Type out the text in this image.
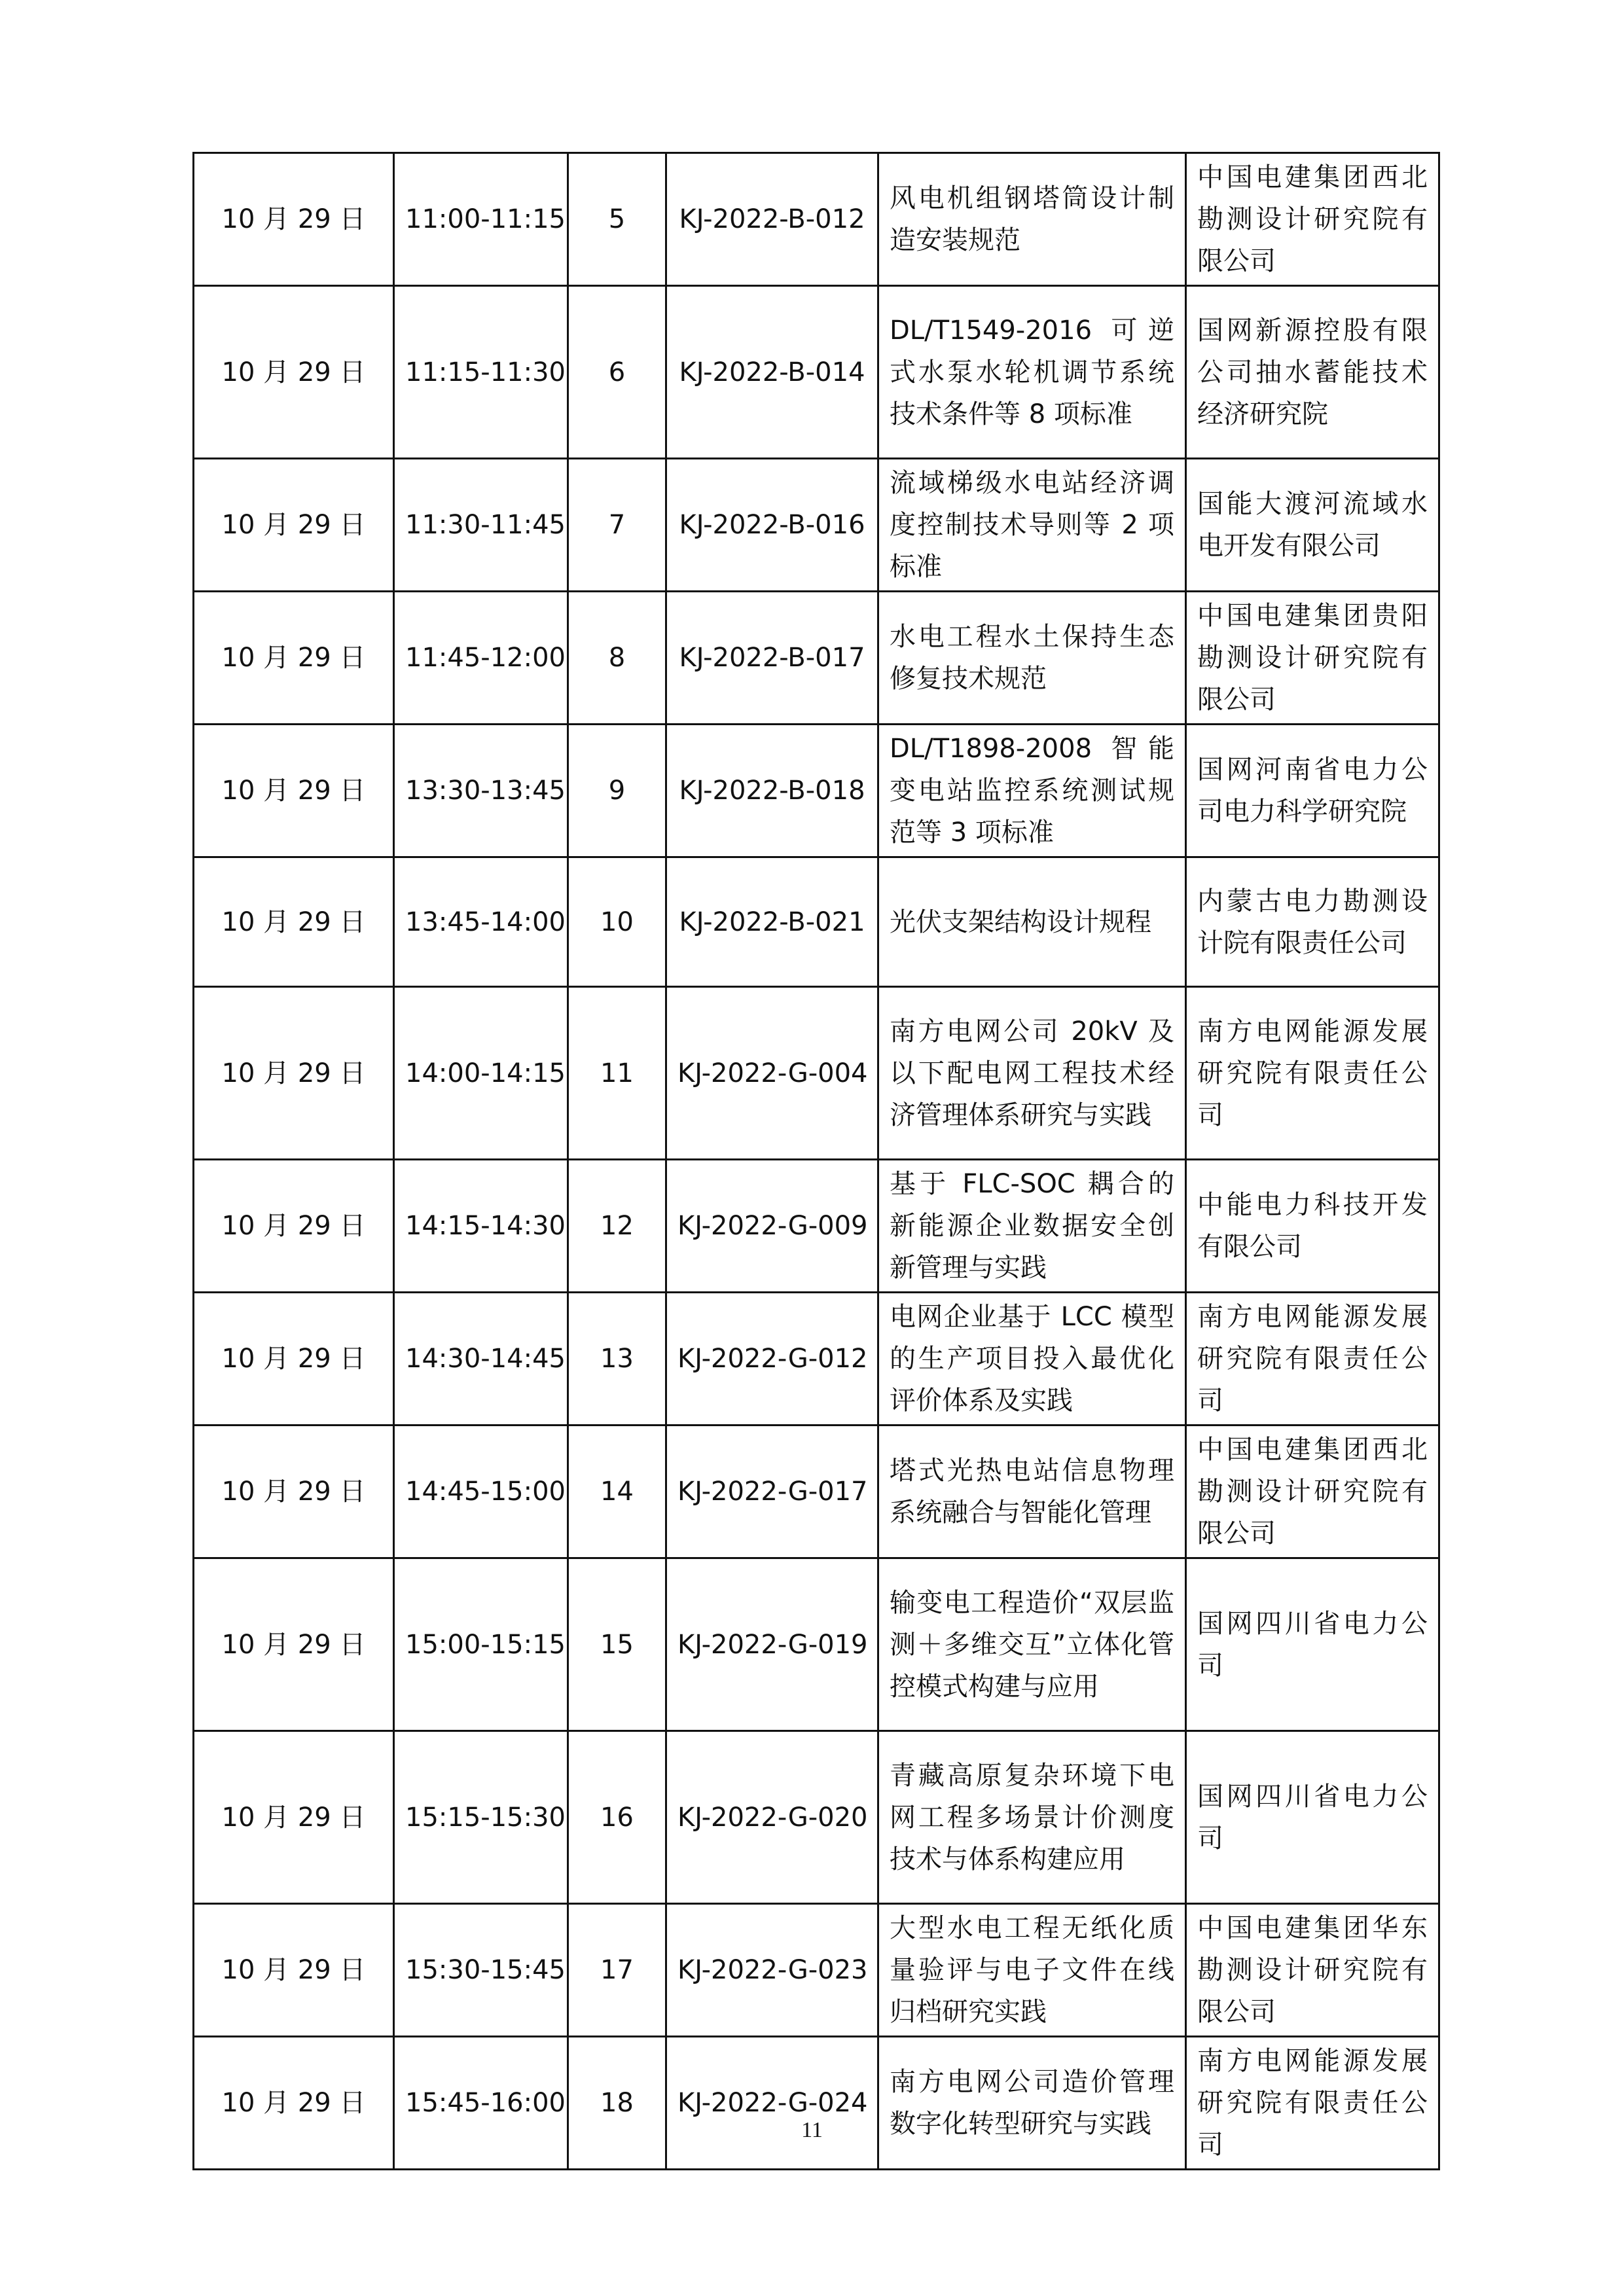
10 月 29 日	11:00-11:15	5	KJ-2022-B-012	风电机组钢塔筒设计制造安装规范	中国电建集团西北勘测设计研究院有限公司
10 月 29 日	11:15-11:30	6	KJ-2022-B-014	DL/T1549-2016 可逆式水泵水轮机调节系统技术条件等 8 项标准	国网新源控股有限公司抽水蓄能技术经济研究院
10 月 29 日	11:30-11:45	7	KJ-2022-B-016	流域梯级水电站经济调度控制技术导则等 2 项标准	国能大渡河流域水电开发有限公司
10 月 29 日	11:45-12:00	8	KJ-2022-B-017	水电工程水土保持生态修复技术规范	中国电建集团贵阳勘测设计研究院有限公司
10 月 29 日	13:30-13:45	9	KJ-2022-B-018	DL/T1898-2008 智能变电站监控系统测试规范等 3 项标准	国网河南省电力公司电力科学研究院
10 月 29 日	13:45-14:00	10	KJ-2022-B-021	光伏支架结构设计规程	内蒙古电力勘测设计院有限责任公司
10 月 29 日	14:00-14:15	11	KJ-2022-G-004	南方电网公司 20kV 及以下配电网工程技术经济管理体系研究与实践	南方电网能源发展研究院有限责任公司
10 月 29 日	14:15-14:30	12	KJ-2022-G-009	基于 FLC-SOC 耦合的新能源企业数据安全创新管理与实践	中能电力科技开发有限公司
10 月 29 日	14:30-14:45	13	KJ-2022-G-012	电网企业基于 LCC 模型的生产项目投入最优化评价体系及实践	南方电网能源发展研究院有限责任公司
10 月 29 日	14:45-15:00	14	KJ-2022-G-017	塔式光热电站信息物理系统融合与智能化管理	中国电建集团西北勘测设计研究院有限公司
10 月 29 日	15:00-15:15	15	KJ-2022-G-019	输变电工程造价“双层监测＋多维交互”立体化管控模式构建与应用	国网四川省电力公司
10 月 29 日	15:15-15:30	16	KJ-2022-G-020	青藏高原复杂环境下电网工程多场景计价测度技术与体系构建应用	国网四川省电力公司
10 月 29 日	15:30-15:45	17	KJ-2022-G-023	大型水电工程无纸化质量验评与电子文件在线归档研究实践	中国电建集团华东勘测设计研究院有限公司
10 月 29 日	15:45-16:00	18	KJ-2022-G-024	南方电网公司造价管理数字化转型研究与实践	南方电网能源发展研究院有限责任公司
11
